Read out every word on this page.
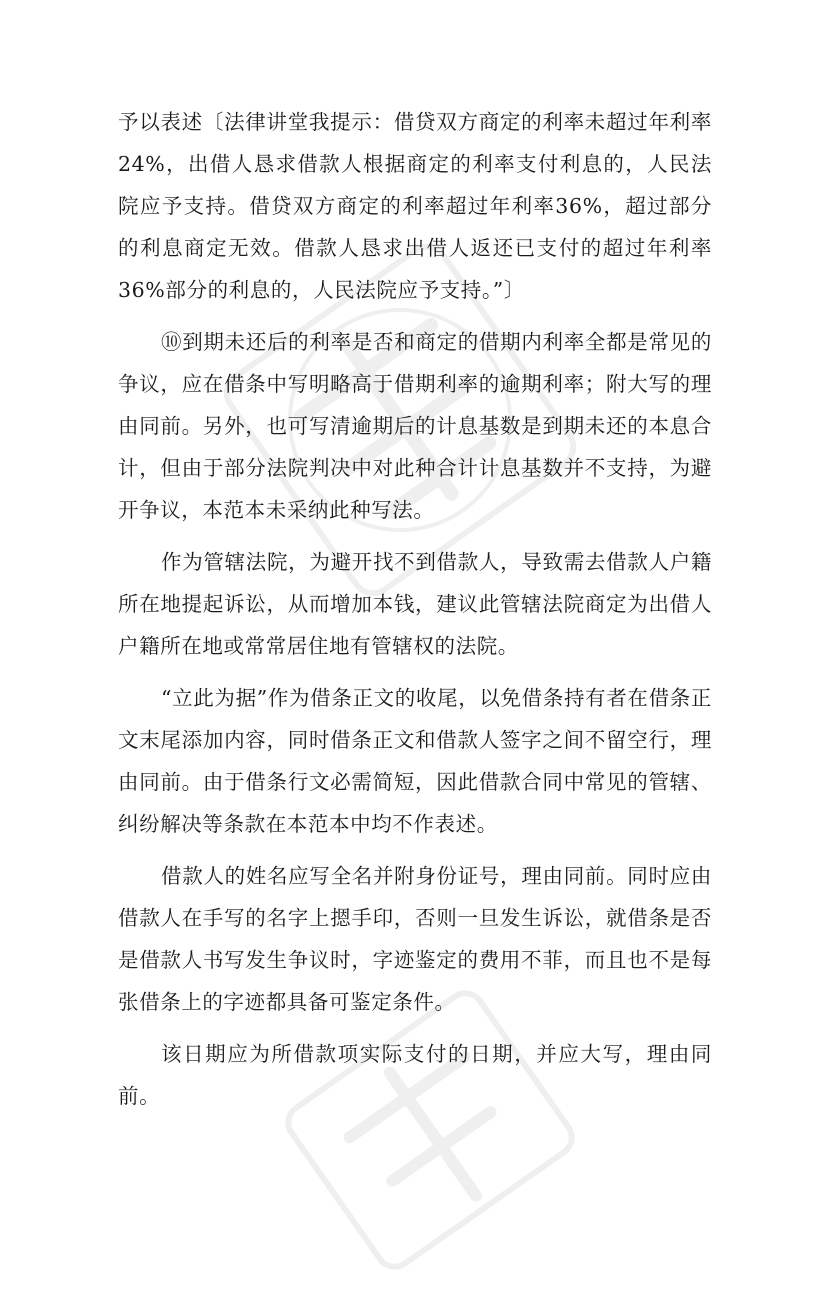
予以表述〔法律讲堂我提示：借贷双方商定的利率未超过年利率24%，出借人恳求借款人根据商定的利率支付利息的，人民法院应予支持。借贷双方商定的利率超过年利率36%，超过部分的利息商定无效。借款人恳求出借人返还已支付的超过年利率36%部分的利息的，人民法院应予支持。”〕

⑩到期未还后的利率是否和商定的借期内利率全都是常见的争议，应在借条中写明略高于借期利率的逾期利率；附大写的理由同前。另外，也可写清逾期后的计息基数是到期未还的本息合计，但由于部分法院判决中对此种合计计息基数并不支持，为避开争议，本范本未采纳此种写法。

作为管辖法院，为避开找不到借款人，导致需去借款人户籍所在地提起诉讼，从而增加本钱，建议此管辖法院商定为出借人户籍所在地或常常居住地有管辖权的法院。

“立此为据”作为借条正文的收尾，以免借条持有者在借条正文末尾添加内容，同时借条正文和借款人签字之间不留空行，理由同前。由于借条行文必需简短，因此借款合同中常见的管辖、纠纷解决等条款在本范本中均不作表述。

借款人的姓名应写全名并附身份证号，理由同前。同时应由借款人在手写的名字上摁手印，否则一旦发生诉讼，就借条是否是借款人书写发生争议时，字迹鉴定的费用不菲，而且也不是每张借条上的字迹都具备可鉴定条件。

该日期应为所借款项实际支付的日期，并应大写，理由同前。
